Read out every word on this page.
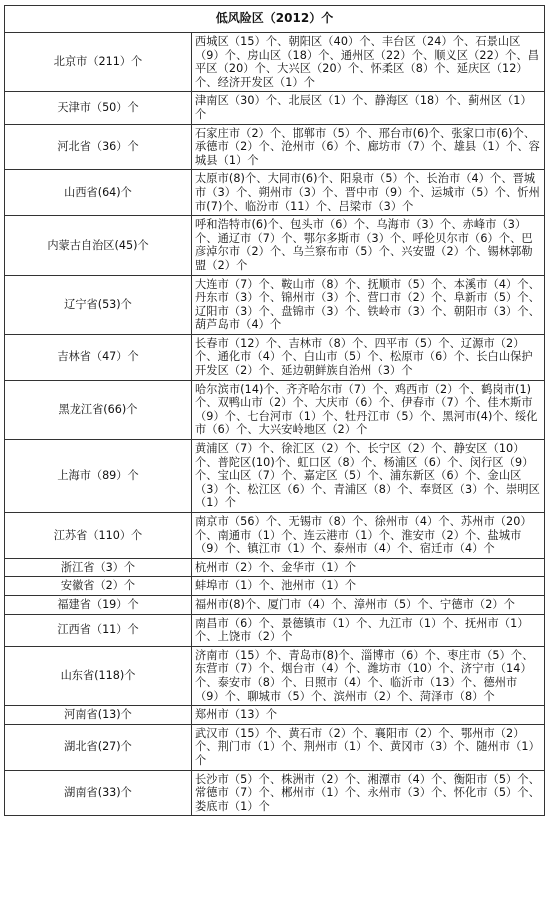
低风险区（2012）个	
北京市（211）个	西城区（15）个、朝阳区（40）个、丰台区（24）个、石景山区（9）个、房山区（18）个、通州区（22）个、顺义区（22）个、昌平区（20）个、大兴区（20）个、怀柔区（8）个、延庆区（12）个、经济开发区（1）个
天津市（50）个	津南区（30）个、北辰区（1）个、静海区（18）个、蓟州区（1）个
河北省（36）个	石家庄市（2）个、邯郸市（5）个、邢台市(6)个、张家口市(6)个、承德市（2）个、沧州市（6）个、廊坊市（7）个、雄县（1）个、容城县（1）个
山西省(64)个	太原市(8)个、大同市(6)个、阳泉市（5）个、长治市（4）个、晋城市（3）个、朔州市（3）个、晋中市（9）个、运城市（5）个、忻州市(7)个、临汾市（11）个、吕梁市（3）个
内蒙古自治区(45)个	呼和浩特市(6)个、包头市（6）个、乌海市（3）个、赤峰市（3）个、通辽市（7）个、鄂尔多斯市（3）个、呼伦贝尔市（6）个、巴彦淖尔市（2）个、乌兰察布市（5）个、兴安盟（2）个、锡林郭勒盟（2）个
辽宁省(53)个	大连市（7）个、鞍山市（8）个、抚顺市（5）个、本溪市（4）个、丹东市（3）个、锦州市（3）个、营口市（2）个、阜新市（5）个、辽阳市（3）个、盘锦市（3）个、铁岭市（3）个、朝阳市（3）个、葫芦岛市（4）个
吉林省（47）个	长春市（12）个、吉林市（8）个、四平市（5）个、辽源市（2）个、通化市（4）个、白山市（5）个、松原市（6）个、长白山保护开发区（2）个、延边朝鲜族自治州（3）个
黑龙江省(66)个	哈尔滨市(14)个、齐齐哈尔市（7）个、鸡西市（2）个、鹤岗市(1)个、双鸭山市（2）个、大庆市（6）个、伊春市（7）个、佳木斯市（9）个、七台河市（1）个、牡丹江市（5）个、黑河市(4)个、绥化市（6）个、大兴安岭地区（2）个
上海市（89）个	黄浦区（7）个、徐汇区（2）个、长宁区（2）个、静安区（10）个、普陀区(10)个、虹口区（8）个、杨浦区（6）个、闵行区（9）个、宝山区（7）个、嘉定区（5）个、浦东新区（6）个、金山区（3）个、松江区（6）个、青浦区（8）个、奉贤区（3）个、崇明区（1）个
江苏省（110）个	南京市（56）个、无锡市（8）个、徐州市（4）个、苏州市（20）个、南通市（1）个、连云港市（1）个、淮安市（2）个、盐城市（9）个、镇江市（1）个、泰州市（4）个、宿迁市（4）个
浙江省（3）个	杭州市（2）个、金华市（1）个
安徽省（2）个	蚌埠市（1）个、池州市（1）个
福建省（19）个	福州市(8)个、厦门市（4）个、漳州市（5）个、宁德市（2）个
江西省（11）个	南昌市（6）个、景德镇市（1）个、九江市（1）个、抚州市（1）个、上饶市（2）个
山东省(118)个	济南市（15）个、青岛市(8)个、淄博市（6）个、枣庄市（5）个、东营市（7）个、烟台市（4）个、潍坊市（10）个、济宁市（14）个、泰安市（8）个、日照市（4）个、临沂市（13）个、德州市（9）个、聊城市（5）个、滨州市（2）个、菏泽市（8）个
河南省(13)个	郑州市（13）个
湖北省(27)个	武汉市（15）个、黄石市（2）个、襄阳市（2）个、鄂州市（2）个、荆门市（1）个、荆州市（1）个、黄冈市（3）个、随州市（1）个
湖南省(33)个	长沙市（5）个、株洲市（2）个、湘潭市（4）个、衡阳市（5）个、常德市（7）个、郴州市（1）个、永州市（3）个、怀化市（5）个、娄底市（1）个
